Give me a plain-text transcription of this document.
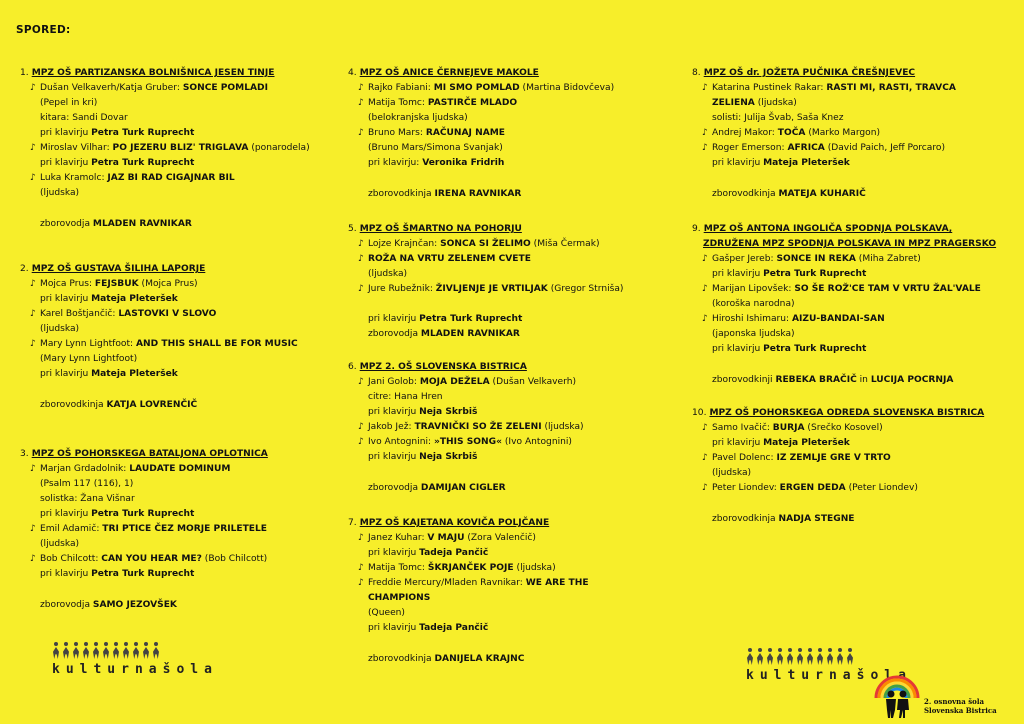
SPORED:
1. MPZ OŠ PARTIZANSKA BOLNIŠNICA JESEN TINJE
♪ Dušan Velkaverh/Katja Gruber: SONCE POMLADI
(Pepel in kri)
kitara: Sandi Dovar
pri klavirju Petra Turk Ruprecht
♪ Miroslav Vilhar: PO JEZERU BLIZ' TRIGLAVA (ponarodela)
pri klavirju Petra Turk Ruprecht
♪ Luka Kramolc: JAZ BI RAD CIGAJNAR BIL
(ljudska)
zborovodja MLADEN RAVNIKAR
2. MPZ OŠ GUSTAVA ŠILIHA LAPORJE
♪ Mojca Prus: FEJSBUK (Mojca Prus)
pri klavirju Mateja Pleteršek
♪ Karel Boštjančič: LASTOVKI V SLOVO
(ljudska)
♪ Mary Lynn Lightfoot: AND THIS SHALL BE FOR MUSIC
(Mary Lynn Lightfoot)
pri klavirju Mateja Pleteršek
zborovodkinja KATJA LOVRENČIČ
3. MPZ OŠ POHORSKEGA BATALJONA OPLOTNICA
♪ Marjan Grdadolnik: LAUDATE DOMINUM
(Psalm 117 (116), 1)
solistka: Žana Višnar
pri klavirju Petra Turk Ruprecht
♪ Emil Adamič: TRI PTICE ČEZ MORJE PRILETELE
(ljudska)
♪ Bob Chilcott: CAN YOU HEAR ME? (Bob Chilcott)
pri klavirju Petra Turk Ruprecht
zborovodja SAMO JEZOVŠEK
4. MPZ OŠ ANICE ČERNEJEVE MAKOLE
♪ Rajko Fabiani: MI SMO POMLAD (Martina Bidovčeva)
♪ Matija Tomc: PASTIRČE MLADO
(belokranjska ljudska)
♪ Bruno Mars: RAČUNAJ NAME
(Bruno Mars/Simona Svanjak)
pri klavirju: Veronika Fridrih
zborovodkinja IRENA RAVNIKAR
5. MPZ OŠ ŠMARTNO NA POHORJU
♪ Lojze Krajnčan: SONCA SI ŽELIMO (Miša Čermak)
♪ ROŽA NA VRTU ZELENEM CVETE
(ljudska)
♪ Jure Rubežnik: ŽIVLJENJE JE VRTILJAK (Gregor Strniša)

pri klavirju Petra Turk Ruprecht
zborovodja MLADEN RAVNIKAR
6. MPZ 2. OŠ SLOVENSKA BISTRICA
♪ Jani Golob: MOJA DEŽELA (Dušan Velkaverh)
citre: Hana Hren
pri klavirju Neja Skrbiš
♪ Jakob Jež: TRAVNIČKI SO ŽE ZELENI (ljudska)
♪ Ivo Antognini: »THIS SONG« (Ivo Antognini)
pri klavirju Neja Skrbiš
zborovodja DAMIJAN CIGLER
7. MPZ OŠ KAJETANA KOVIČA POLJČANE
♪ Janez Kuhar: V MAJU (Zora Valenčič)
pri klavirju Tadeja Pančič
♪ Matija Tomc: ŠKRJANČEK POJE (ljudska)
♪ Freddie Mercury/Mladen Ravnikar: WE ARE THE
CHAMPIONS
(Queen)
pri klavirju Tadeja Pančič
zborovodkinja DANIJELA KRAJNC
8. MPZ OŠ dr. JOŽETA PUČNIKA ČREŠNJEVEC
♪ Katarina Pustinek Rakar: RASTI MI, RASTI, TRAVCA
ZELIENA (ljudska)
solisti: Julija Švab, Saša Knez
♪ Andrej Makor: TOČA (Marko Margon)
♪ Roger Emerson: AFRICA (David Paich, Jeff Porcaro)
pri klavirju Mateja Pleteršek
zborovodkinja MATEJA KUHARIČ
9. MPZ OŠ ANTONA INGOLIČA SPODNJA POLSKAVA,
ZDRUŽENA MPZ SPODNJA POLSKAVA IN MPZ PRAGERSKO
♪ Gašper Jereb: SONCE IN REKA (Miha Zabret)
pri klavirju Petra Turk Ruprecht
♪ Marijan Lipovšek: SO ŠE ROŽ'CE TAM V VRTU ŽAL'VALE
(koroška narodna)
♪ Hiroshi Ishimaru: AIZU-BANDAI-SAN
(japonska ljudska)
pri klavirju Petra Turk Ruprecht
zborovodkinji REBEKA BRAČIČ in LUCIJA POCRNJA
10. MPZ OŠ POHORSKEGA ODREDA SLOVENSKA BISTRICA
♪ Samo Ivačič: BURJA (Srečko Kosovel)
pri klavirju Mateja Pleteršek
♪ Pavel Dolenc: IZ ZEMLJE GRE V TRTO
(ljudska)
♪ Peter Liondev: ERGEN DEDA (Peter Liondev)
zborovodkinja NADJA STEGNE
kulturnašola	kulturnašola
2. osnovna šola
Slovenska Bistrica
